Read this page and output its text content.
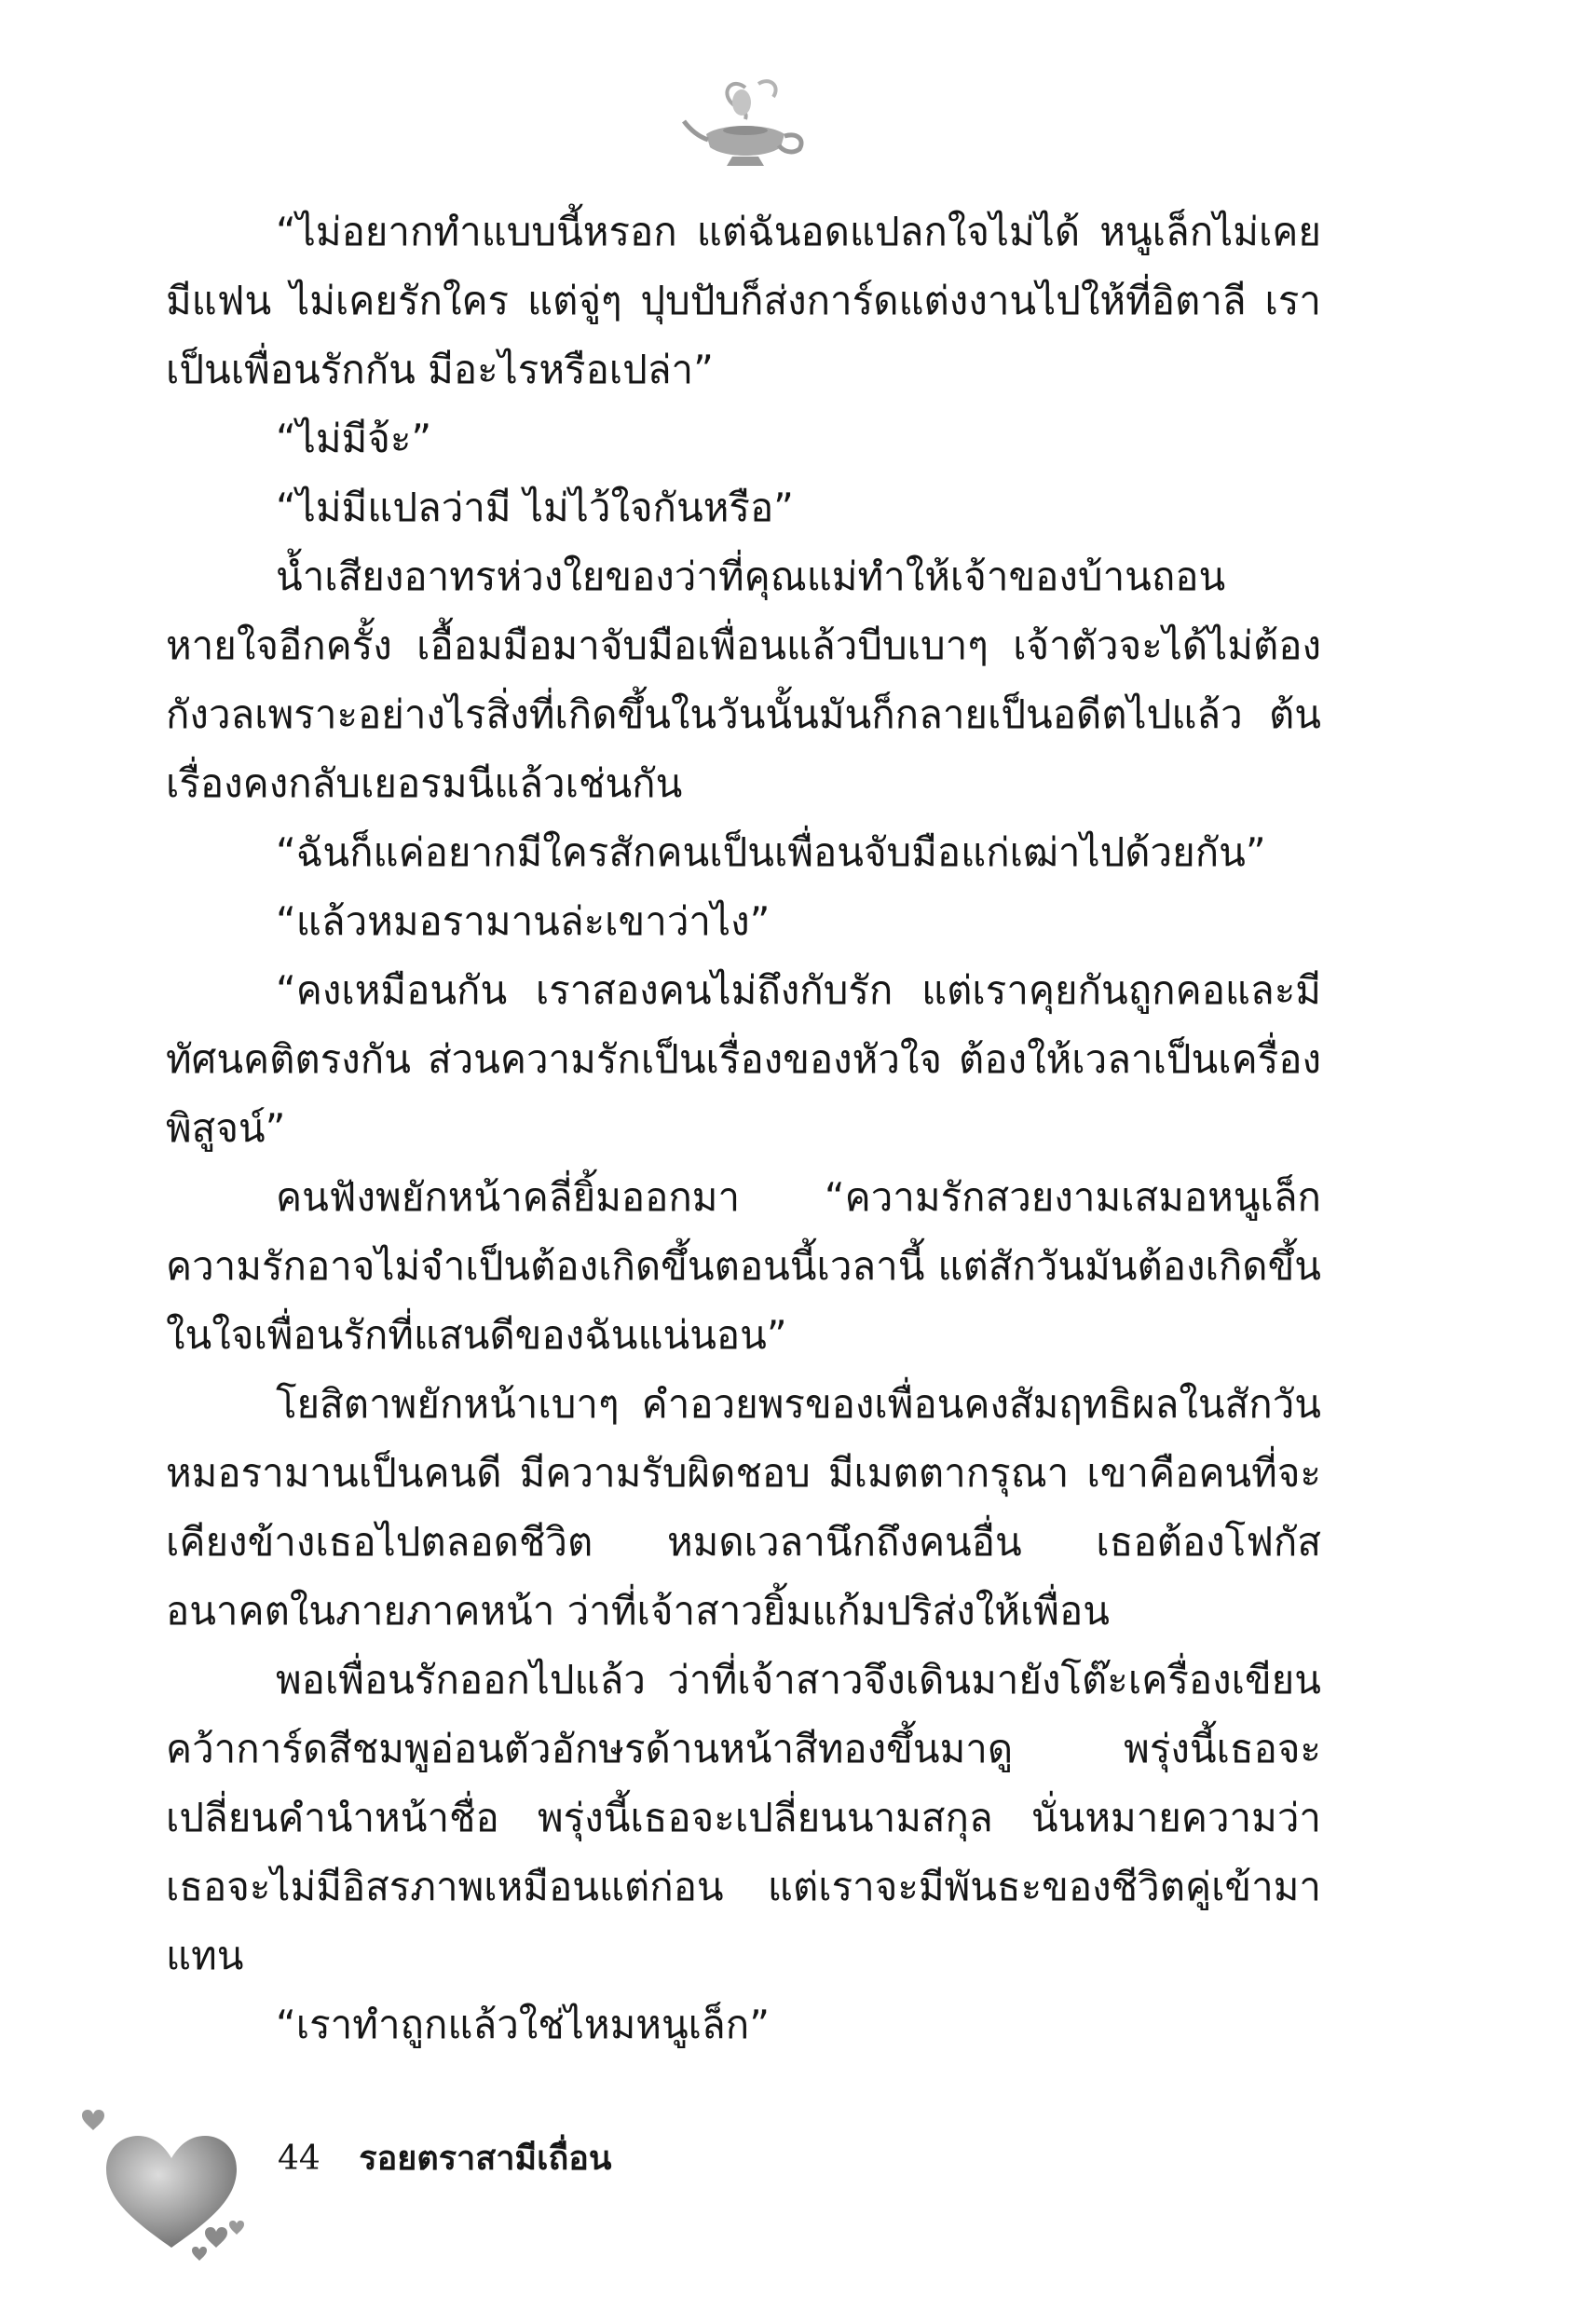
“ไม่อยากทำแบบนี้หรอก แต่ฉันอดแปลกใจไม่ได้ หนูเล็กไม่เคยมีแฟน ไม่เคยรักใคร แต่จู่ๆ ปุบปับก็ส่งการ์ดแต่งงานไปให้ที่อิตาลี เราเป็นเพื่อนรักกัน มีอะไรหรือเปล่า”

“ไม่มีจ้ะ”

“ไม่มีแปลว่ามี ไม่ไว้ใจกันหรือ”

น้ำเสียงอาทรห่วงใยของว่าที่คุณแม่ทำให้เจ้าของบ้านถอนหายใจอีกครั้ง เอื้อมมือมาจับมือเพื่อนแล้วบีบเบาๆ เจ้าตัวจะได้ไม่ต้องกังวลเพราะอย่างไรสิ่งที่เกิดขึ้นในวันนั้นมันก็กลายเป็นอดีตไปแล้ว ต้นเรื่องคงกลับเยอรมนีแล้วเช่นกัน

“ฉันก็แค่อยากมีใครสักคนเป็นเพื่อนจับมือแก่เฒ่าไปด้วยกัน”

“แล้วหมอรามานล่ะเขาว่าไง”

“คงเหมือนกัน เราสองคนไม่ถึงกับรัก แต่เราคุยกันถูกคอและมีทัศนคติตรงกัน ส่วนความรักเป็นเรื่องของหัวใจ ต้องให้เวลาเป็นเครื่องพิสูจน์”

คนฟังพยักหน้าคลี่ยิ้มออกมา “ความรักสวยงามเสมอหนูเล็ก ความรักอาจไม่จำเป็นต้องเกิดขึ้นตอนนี้เวลานี้ แต่สักวันมันต้องเกิดขึ้นในใจเพื่อนรักที่แสนดีของฉันแน่นอน”

โยสิตาพยักหน้าเบาๆ คำอวยพรของเพื่อนคงสัมฤทธิผลในสักวัน หมอรามานเป็นคนดี มีความรับผิดชอบ มีเมตตากรุณา เขาคือคนที่จะเคียงข้างเธอไปตลอดชีวิต หมดเวลานึกถึงคนอื่น เธอต้องโฟกัสอนาคตในภายภาคหน้า ว่าที่เจ้าสาวยิ้มแก้มปริส่งให้เพื่อน

พอเพื่อนรักออกไปแล้ว ว่าที่เจ้าสาวจึงเดินมายังโต๊ะเครื่องเขียน คว้าการ์ดสีชมพูอ่อนตัวอักษรด้านหน้าสีทองขึ้นมาดู พรุ่งนี้เธอจะเปลี่ยนคำนำหน้าชื่อ พรุ่งนี้เธอจะเปลี่ยนนามสกุล นั่นหมายความว่าเธอจะไม่มีอิสรภาพเหมือนแต่ก่อน แต่เราจะมีพันธะของชีวิตคู่เข้ามาแทน

“เราทำถูกแล้วใช่ไหมหนูเล็ก”

44 รอยตราสามีเถื่อน
